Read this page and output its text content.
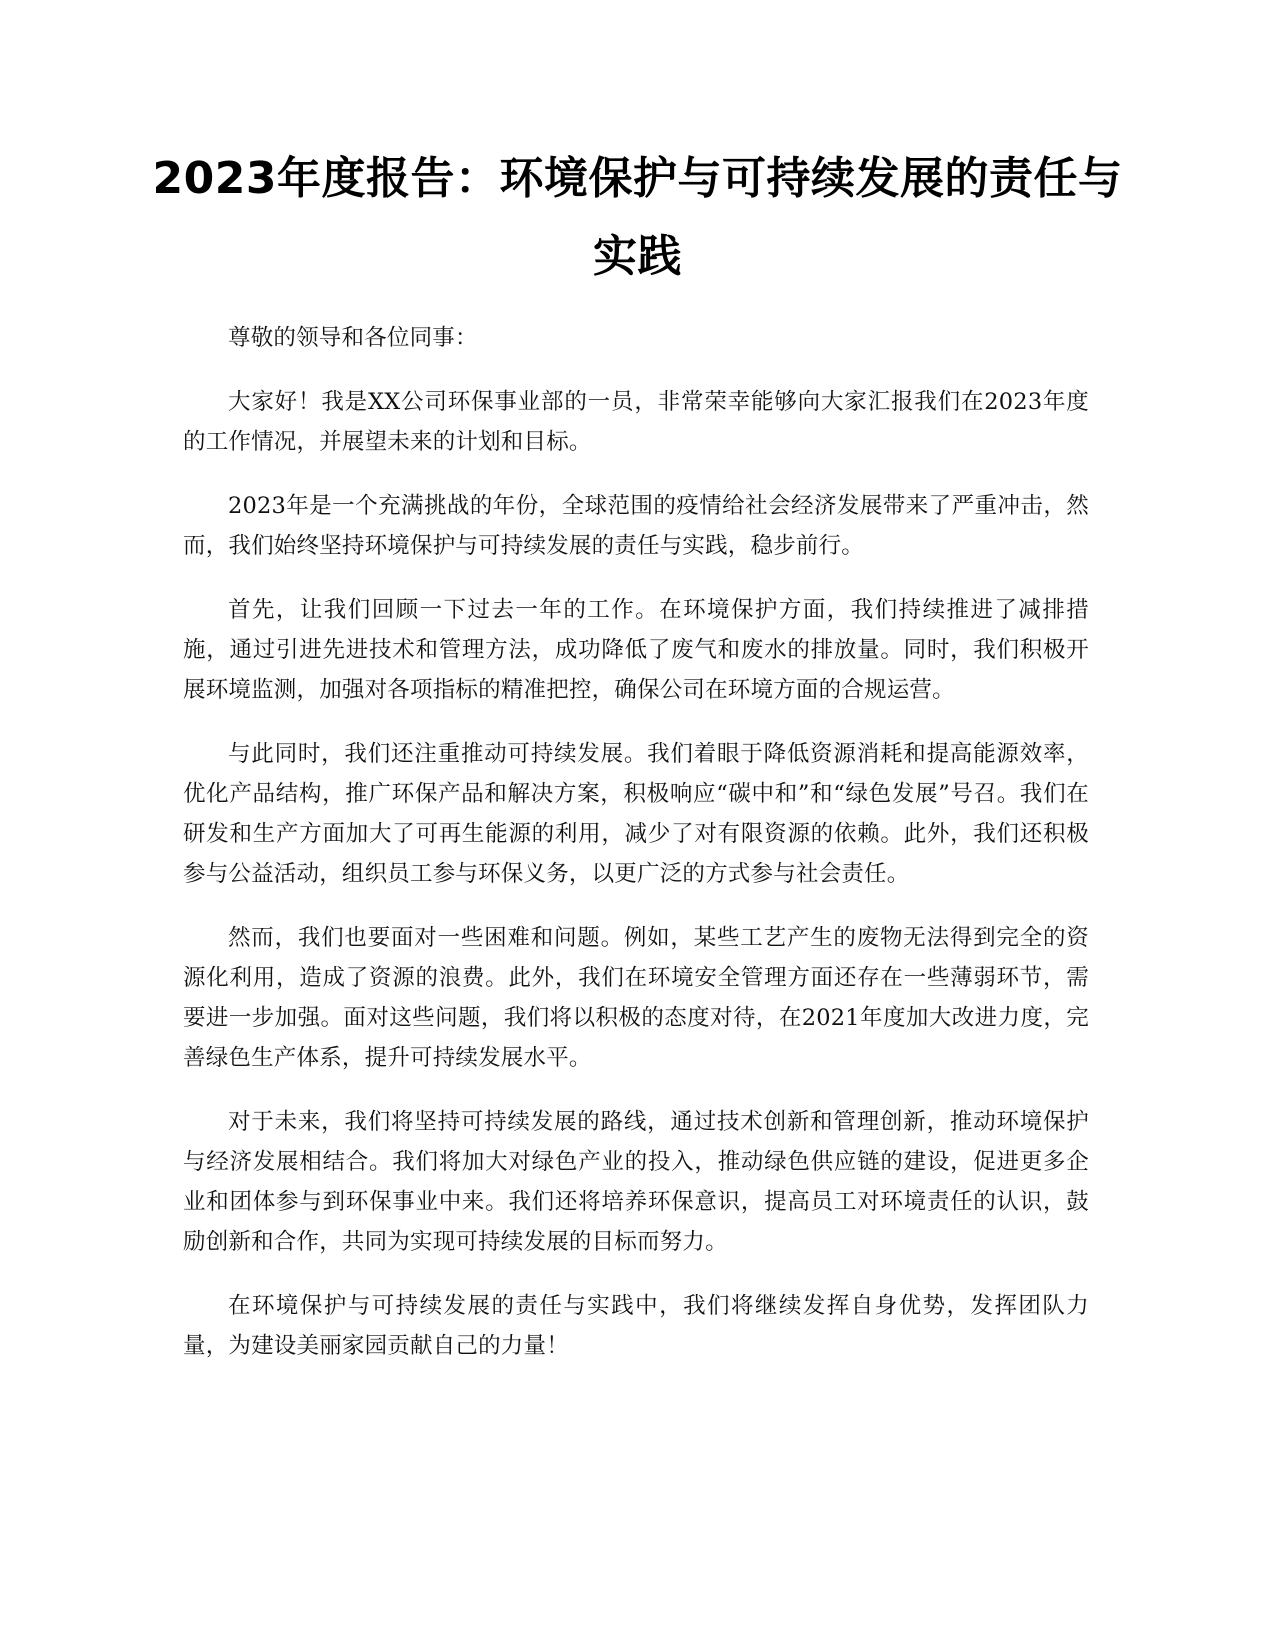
2023年度报告：环境保护与可持续发展的责任与实践

尊敬的领导和各位同事：

大家好！我是XX公司环保事业部的一员，非常荣幸能够向大家汇报我们在2023年度的工作情况，并展望未来的计划和目标。

2023年是一个充满挑战的年份，全球范围的疫情给社会经济发展带来了严重冲击，然而，我们始终坚持环境保护与可持续发展的责任与实践，稳步前行。

首先，让我们回顾一下过去一年的工作。在环境保护方面，我们持续推进了减排措施，通过引进先进技术和管理方法，成功降低了废气和废水的排放量。同时，我们积极开展环境监测，加强对各项指标的精准把控，确保公司在环境方面的合规运营。

与此同时，我们还注重推动可持续发展。我们着眼于降低资源消耗和提高能源效率，优化产品结构，推广环保产品和解决方案，积极响应“碳中和”和“绿色发展”号召。我们在研发和生产方面加大了可再生能源的利用，减少了对有限资源的依赖。此外，我们还积极参与公益活动，组织员工参与环保义务，以更广泛的方式参与社会责任。

然而，我们也要面对一些困难和问题。例如，某些工艺产生的废物无法得到完全的资源化利用，造成了资源的浪费。此外，我们在环境安全管理方面还存在一些薄弱环节，需要进一步加强。面对这些问题，我们将以积极的态度对待，在2021年度加大改进力度，完善绿色生产体系，提升可持续发展水平。

对于未来，我们将坚持可持续发展的路线，通过技术创新和管理创新，推动环境保护与经济发展相结合。我们将加大对绿色产业的投入，推动绿色供应链的建设，促进更多企业和团体参与到环保事业中来。我们还将培养环保意识，提高员工对环境责任的认识，鼓励创新和合作，共同为实现可持续发展的目标而努力。

在环境保护与可持续发展的责任与实践中，我们将继续发挥自身优势，发挥团队力量，为建设美丽家园贡献自己的力量！
